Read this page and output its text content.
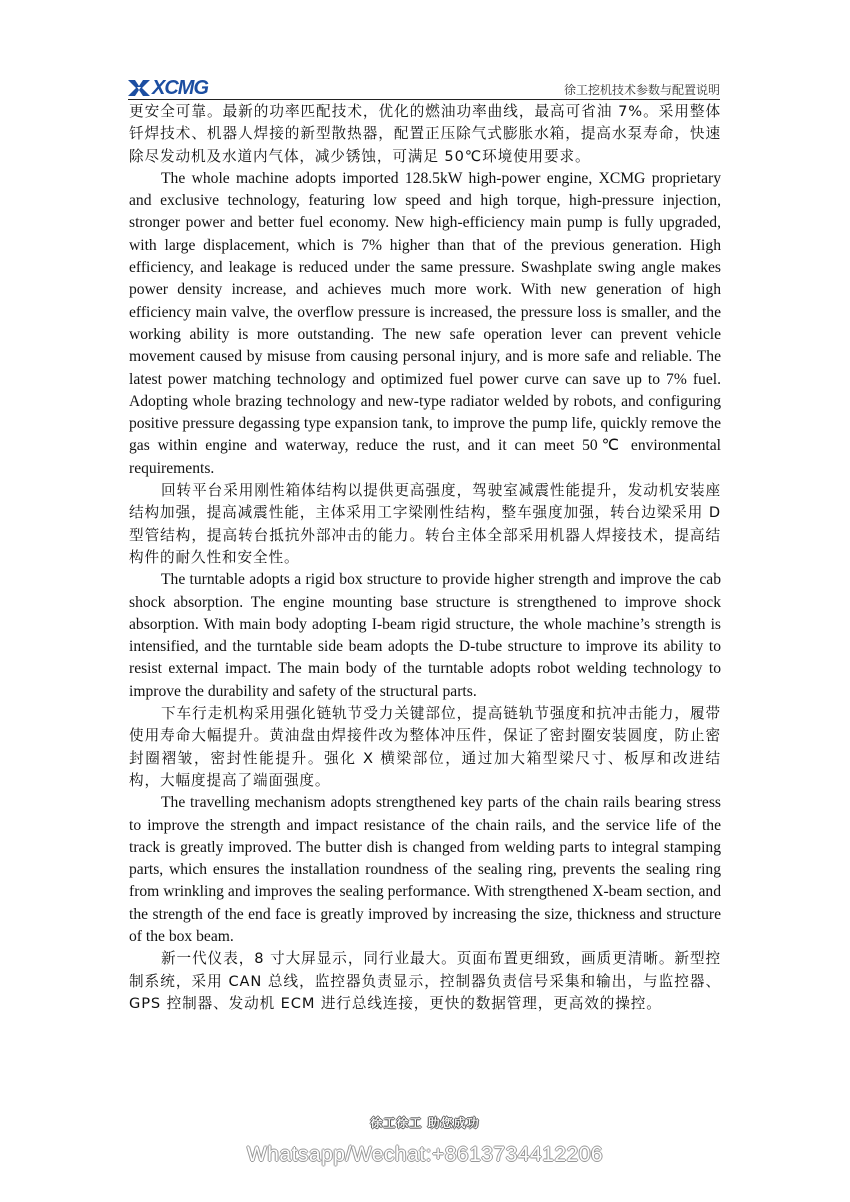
XCMG	徐工挖机技术参数与配置说明

更安全可靠。最新的功率匹配技术，优化的燃油功率曲线，最高可省油 7%。采用整体钎焊技术、机器人焊接的新型散热器，配置正压除气式膨胀水箱，提高水泵寿命，快速除尽发动机及水道内气体，减少锈蚀，可满足 50℃环境使用要求。

The whole machine adopts imported 128.5kW high-power engine, XCMG proprietary and exclusive technology, featuring low speed and high torque, high-pressure injection, stronger power and better fuel economy. New high-efficiency main pump is fully upgraded, with large displacement, which is 7% higher than that of the previous generation. High efficiency, and leakage is reduced under the same pressure. Swashplate swing angle makes power density increase, and achieves much more work. With new generation of high efficiency main valve, the overflow pressure is increased, the pressure loss is smaller, and the working ability is more outstanding. The new safe operation lever can prevent vehicle movement caused by misuse from causing personal injury, and is more safe and reliable. The latest power matching technology and optimized fuel power curve can save up to 7% fuel. Adopting whole brazing technology and new-type radiator welded by robots, and configuring positive pressure degassing type expansion tank, to improve the pump life, quickly remove the gas within engine and waterway, reduce the rust, and it can meet 50℃ environmental requirements.

回转平台采用刚性箱体结构以提供更高强度，驾驶室减震性能提升，发动机安装座结构加强，提高减震性能，主体采用工字梁刚性结构，整车强度加强，转台边梁采用 D 型管结构，提高转台抵抗外部冲击的能力。转台主体全部采用机器人焊接技术，提高结构件的耐久性和安全性。

The turntable adopts a rigid box structure to provide higher strength and improve the cab shock absorption. The engine mounting base structure is strengthened to improve shock absorption. With main body adopting I-beam rigid structure, the whole machine’s strength is intensified, and the turntable side beam adopts the D-tube structure to improve its ability to resist external impact. The main body of the turntable adopts robot welding technology to improve the durability and safety of the structural parts.

下车行走机构采用强化链轨节受力关键部位，提高链轨节强度和抗冲击能力，履带使用寿命大幅提升。黄油盘由焊接件改为整体冲压件，保证了密封圈安装圆度，防止密封圈褶皱，密封性能提升。强化 X 横梁部位，通过加大箱型梁尺寸、板厚和改进结构，大幅度提高了端面强度。

The travelling mechanism adopts strengthened key parts of the chain rails bearing stress to improve the strength and impact resistance of the chain rails, and the service life of the track is greatly improved. The butter dish is changed from welding parts to integral stamping parts, which ensures the installation roundness of the sealing ring, prevents the sealing ring from wrinkling and improves the sealing performance. With strengthened X-beam section, and the strength of the end face is greatly improved by increasing the size, thickness and structure of the box beam.

新一代仪表，8 寸大屏显示，同行业最大。页面布置更细致，画质更清晰。新型控制系统，采用 CAN 总线，监控器负责显示，控制器负责信号采集和输出，与监控器、GPS 控制器、发动机 ECM 进行总线连接，更快的数据管理，更高效的操控。

徐工徐工 助您成功
Whatsapp/Wechat:+8613734412206
